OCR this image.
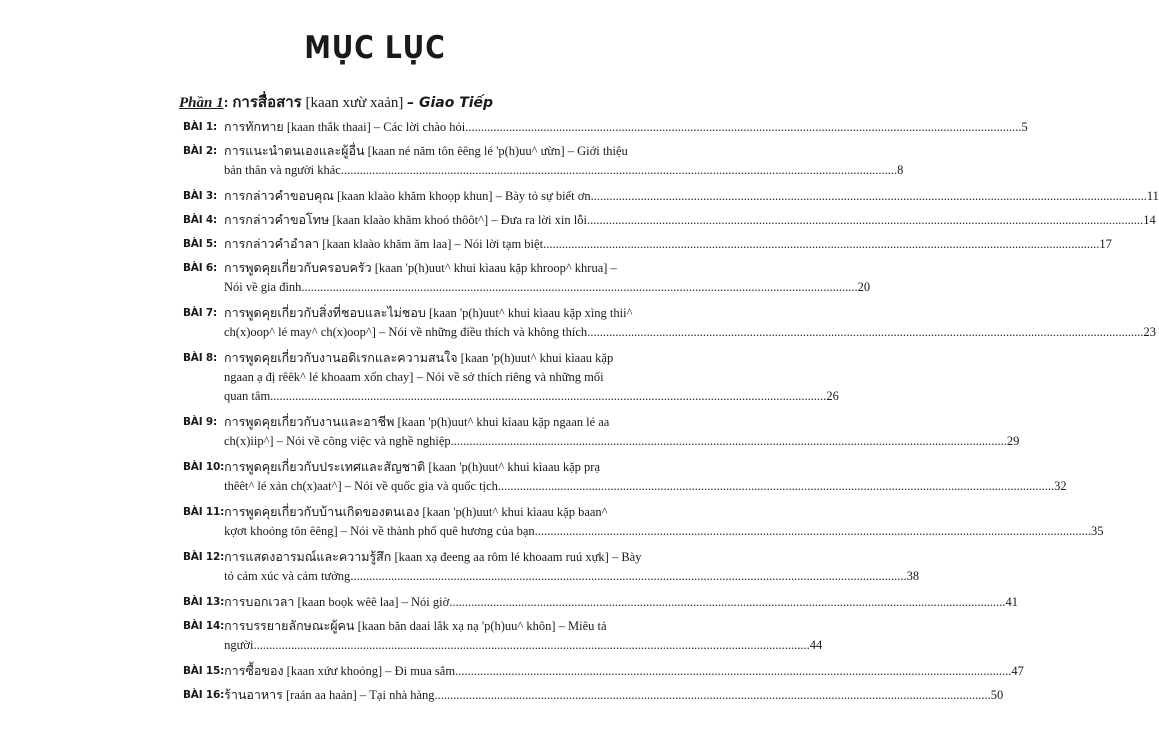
MỤC LỤC
Phần 1: การสื่อสาร [kaan xưừ xaản] – Giao Tiếp
BÀI 1: การทักทาย [kaan thắk thaai] – Các lời chào hỏi .....	5
BÀI 2: การแนะนำตนเองและผู้อื่น [kaan né năm tôn êêng lé 'p(h)uu^ ưừn] – Giới thiệu
bản thân và người khác .....	8
BÀI 3: การกล่าวคำขอบคุณ [kaan klaào khăm khoọp khun] – Bày tỏ sự biết ơn .....	11
BÀI 4: การกล่าวคำขอโทษ [kaan klaào khăm khoó thôôt^] – Đưa ra lời xin lỗi .....	14
BÀI 5: การกล่าวคำอำลา [kaan klaào khăm ăm laa] – Nói lời tạm biệt .....	17
BÀI 6: การพูดคุยเกี่ยวกับครอบครัว [kaan 'p(h)uut^ khui kìaau kặp khroop^ khrua] –
Nói về gia đình .....	20
BÀI 7: การพูดคุยเกี่ยวกับสิ่งที่ชอบและไม่ชอบ [kaan 'p(h)uut^ khui kìaau kặp xìng thii^
ch(x)oop^ lé may^ ch(x)oop^] – Nói về những điều thích và không thích .....	23
BÀI 8: การพูดคุยเกี่ยวกับงานอดิเรกและความสนใจ [kaan 'p(h)uut^ khui kìaau kặp
ngaan ạ đị rêêk^ lé khoaam xổn chay] – Nói về sở thích riêng và những mối
quan tâm .....	26
BÀI 9: การพูดคุยเกี่ยวกับงานและอาชีพ [kaan 'p(h)uut^ khui kìaau kặp ngaan lé aa
ch(x)iip^] – Nói về công việc và nghề nghiệp .....	29
BÀI 10: การพูดคุยเกี่ยวกับประเทศและสัญชาติ [kaan 'p(h)uut^ khui kìaau kặp prạ
thêêt^ lé xản ch(x)aat^] – Nói về quốc gia và quốc tịch .....	32
BÀI 11: การพูดคุยเกี่ยวกับบ้านเกิดของตนเอง [kaan 'p(h)uut^ khui kìaau kặp baan^
kợơt khoỏng tôn êêng] – Nói về thành phố quê hương của bạn .....	35
BÀI 12: การแสดงอารมณ์และความรู้สึก [kaan xạ đeeng aa rôm lé khoaam ruú xựk] – Bày
tỏ cảm xúc và cảm tưởng .....	38
BÀI 13: การบอกเวลา [kaan boọk wêê laa] – Nói giờ .....	41
BÀI 14: การบรรยายลักษณะผู้คน [kaan băn daai lắk xạ nạ 'p(h)uu^ khôn] – Miêu tả
người .....	44
BÀI 15: การซื้อของ [kaan xứư khoỏng] – Đi mua sắm .....	47
BÀI 16: ร้านอาหาร [raán aa haản] – Tại nhà hàng .....	50
